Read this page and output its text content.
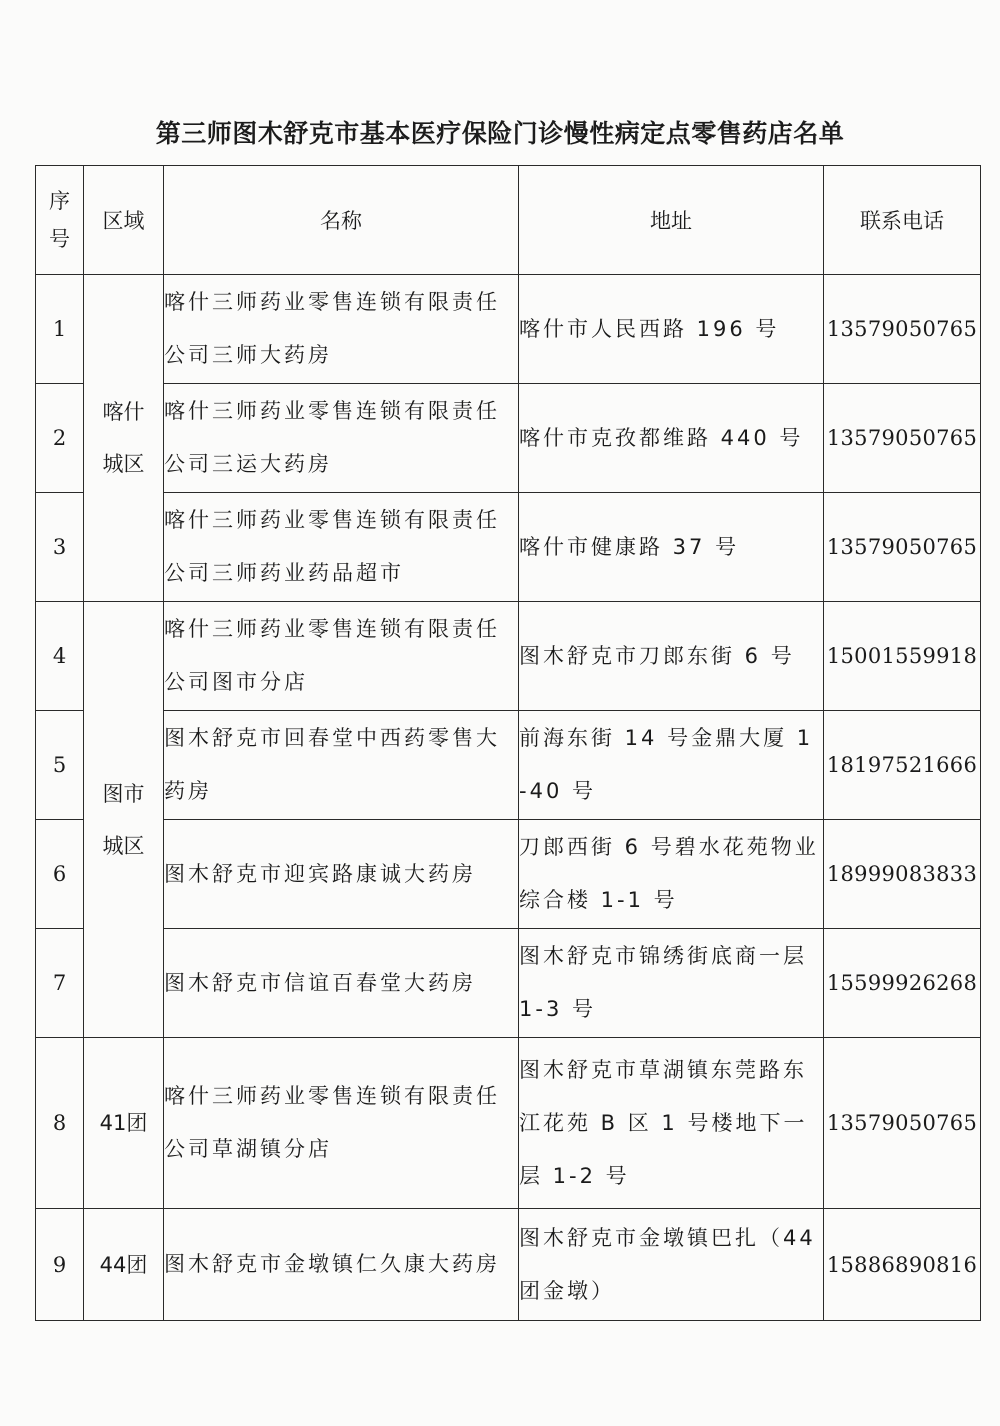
第三师图木舒克市基本医疗保险门诊慢性病定点零售药店名单
序号	区域	名称	地址	联系电话
1	喀什城区	喀什三师药业零售连锁有限责任公司三师大药房	喀什市人民西路 196 号	13579050765
2		喀什三师药业零售连锁有限责任公司三运大药房	喀什市克孜都维路 440 号	13579050765
3		喀什三师药业零售连锁有限责任公司三师药业药品超市	喀什市健康路 37 号	13579050765
4	图市城区	喀什三师药业零售连锁有限责任公司图市分店	图木舒克市刀郎东街 6 号	15001559918
5		图木舒克市回春堂中西药零售大药房	前海东街 14 号金鼎大厦 1-40 号	18197521666
6		图木舒克市迎宾路康诚大药房	刀郎西街 6 号碧水花苑物业综合楼 1-1 号	18999083833
7		图木舒克市信谊百春堂大药房	图木舒克市锦绣街底商一层 1-3 号	15599926268
8	41团	喀什三师药业零售连锁有限责任公司草湖镇分店	图木舒克市草湖镇东莞路东江花苑 B 区 1 号楼地下一层 1-2 号	13579050765
9	44团	图木舒克市金墩镇仁久康大药房	图木舒克市金墩镇巴扎（44团金墩）	15886890816
